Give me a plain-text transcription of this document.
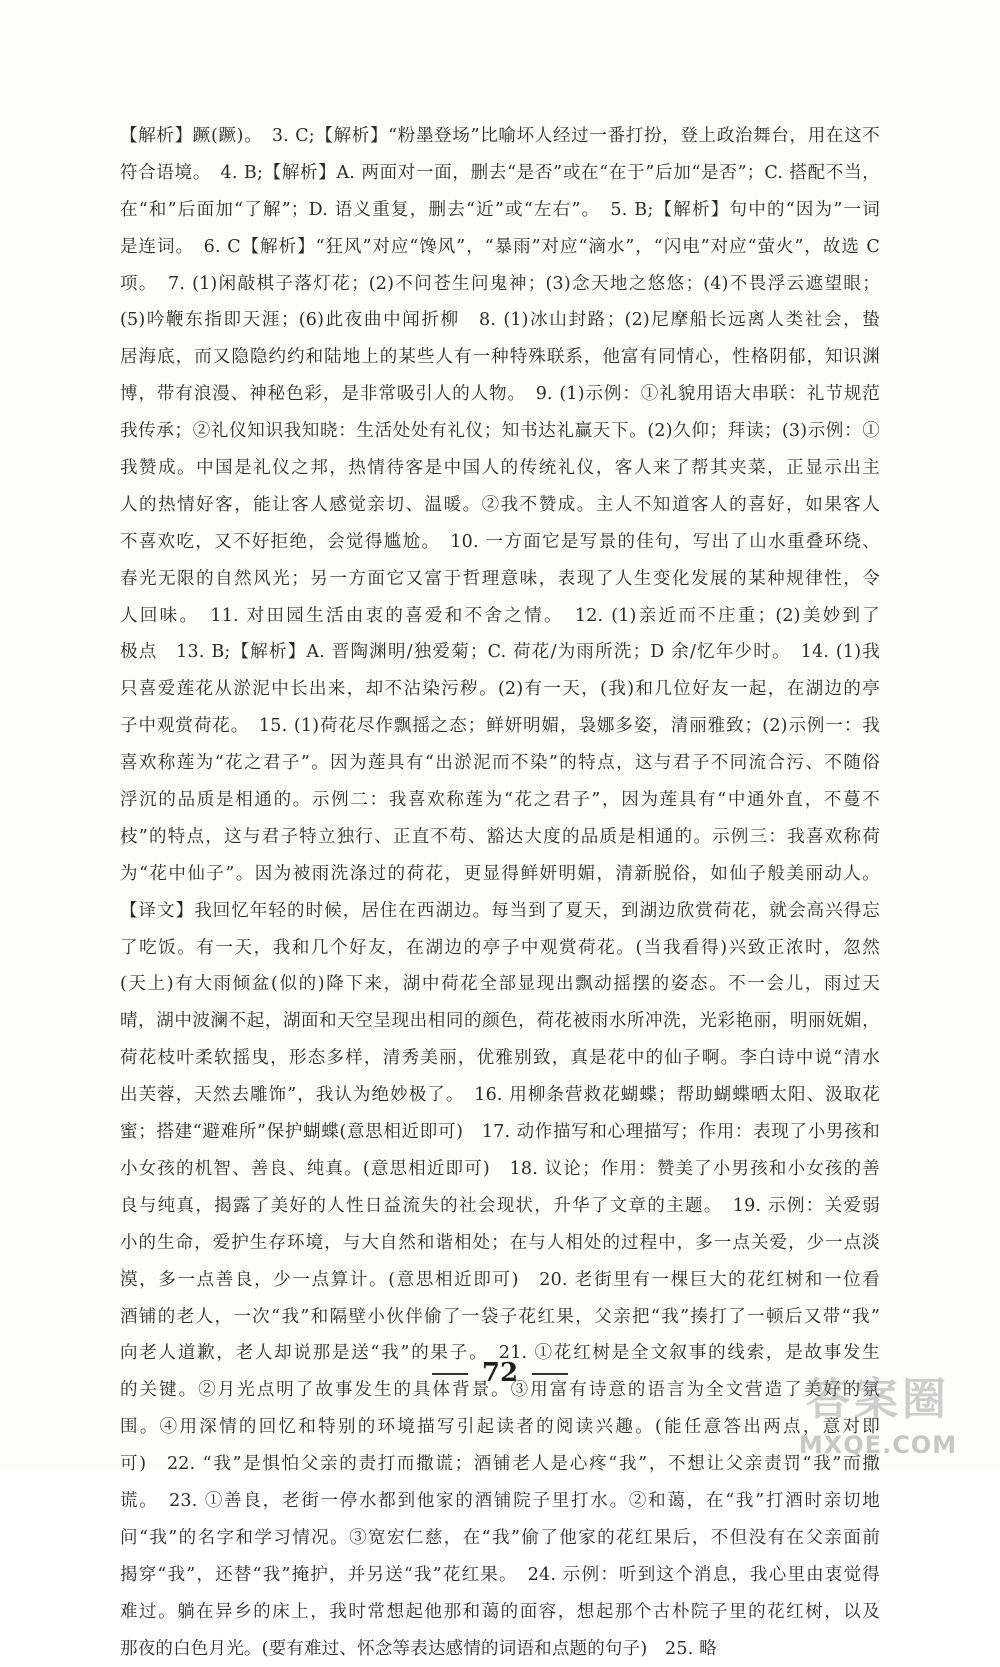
【解析】蹶(蹶)。　3. C;【解析】“粉墨登场”比喻坏人经过一番打扮，登上政治舞台，用在这不
符合语境。　4. B;【解析】A. 两面对一面，删去“是否”或在“在于”后加“是否”；C. 搭配不当，
在“和”后面加“了解”；D. 语义重复，删去“近”或“左右”。　5. B;【解析】句中的“因为”一词
是连词。　6. C【解析】“狂风”对应“馋风”，“暴雨”对应“滴水”，“闪电”对应“萤火”，故选 C
项。　7. (1)闲敲棋子落灯花；(2)不问苍生问鬼神；(3)念天地之悠悠；(4)不畏浮云遮望眼；
(5)吟鞭东指即天涯；(6)此夜曲中闻折柳　8. (1)冰山封路；(2)尼摩船长远离人类社会，蛰
居海底，而又隐隐约约和陆地上的某些人有一种特殊联系，他富有同情心，性格阴郁，知识渊
博，带有浪漫、神秘色彩，是非常吸引人的人物。　9. (1)示例：①礼貌用语大串联：礼节规范
我传承；②礼仪知识我知晓：生活处处有礼仪；知书达礼赢天下。(2)久仰；拜读；(3)示例：①
我赞成。中国是礼仪之邦，热情待客是中国人的传统礼仪，客人来了帮其夹菜，正显示出主
人的热情好客，能让客人感觉亲切、温暖。②我不赞成。主人不知道客人的喜好，如果客人
不喜欢吃，又不好拒绝，会觉得尴尬。　10. 一方面它是写景的佳句，写出了山水重叠环绕、
春光无限的自然风光；另一方面它又富于哲理意味，表现了人生变化发展的某种规律性，令
人回味。　11. 对田园生活由衷的喜爱和不舍之情。　12. (1)亲近而不庄重；(2)美妙到了
极点　13. B;【解析】A. 晋陶渊明/独爱菊；C. 荷花/为雨所洗；D 余/忆年少时。　14. (1)我
只喜爱莲花从淤泥中长出来，却不沾染污秽。(2)有一天，(我)和几位好友一起，在湖边的亭
子中观赏荷花。　15. (1)荷花尽作飘摇之态；鲜妍明媚，袅娜多姿，清丽雅致；(2)示例一：我
喜欢称莲为“花之君子”。因为莲具有“出淤泥而不染”的特点，这与君子不同流合污、不随俗
浮沉的品质是相通的。示例二：我喜欢称莲为“花之君子”，因为莲具有“中通外直，不蔓不
枝”的特点，这与君子特立独行、正直不苟、豁达大度的品质是相通的。示例三：我喜欢称荷
为“花中仙子”。因为被雨洗涤过的荷花，更显得鲜妍明媚，清新脱俗，如仙子般美丽动人。
【译文】我回忆年轻的时候，居住在西湖边。每当到了夏天，到湖边欣赏荷花，就会高兴得忘
了吃饭。有一天，我和几个好友，在湖边的亭子中观赏荷花。(当我看得)兴致正浓时，忽然
(天上)有大雨倾盆(似的)降下来，湖中荷花全部显现出飘动摇摆的姿态。不一会儿，雨过天
晴，湖中波澜不起，湖面和天空呈现出相同的颜色，荷花被雨水所冲洗，光彩艳丽，明丽妩媚，
荷花枝叶柔软摇曳，形态多样，清秀美丽，优雅别致，真是花中的仙子啊。李白诗中说“清水
出芙蓉，天然去雕饰”，我认为绝妙极了。　16. 用柳条营救花蝴蝶；帮助蝴蝶晒太阳、汲取花
蜜；搭建“避难所”保护蝴蝶(意思相近即可)　17. 动作描写和心理描写；作用：表现了小男孩和
小女孩的机智、善良、纯真。(意思相近即可)　18. 议论；作用：赞美了小男孩和小女孩的善
良与纯真，揭露了美好的人性日益流失的社会现状，升华了文章的主题。　19. 示例：关爱弱
小的生命，爱护生存环境，与大自然和谐相处；在与人相处的过程中，多一点关爱，少一点淡
漠，多一点善良，少一点算计。(意思相近即可)　20. 老街里有一棵巨大的花红树和一位看
酒铺的老人，一次“我”和隔壁小伙伴偷了一袋子花红果，父亲把“我”揍打了一顿后又带“我”
向老人道歉，老人却说那是送“我”的果子。　21. ①花红树是全文叙事的线索，是故事发生
的关键。②月光点明了故事发生的具体背景。③用富有诗意的语言为全文营造了美好的氛
围。④用深情的回忆和特别的环境描写引起读者的阅读兴趣。(能任意答出两点，意对即
可)　22. “我”是惧怕父亲的责打而撒谎；酒铺老人是心疼“我”，不想让父亲责罚“我”而撒
谎。　23. ①善良，老街一停水都到他家的酒铺院子里打水。②和蔼，在“我”打酒时亲切地
问“我”的名字和学习情况。③宽宏仁慈，在“我”偷了他家的花红果后，不但没有在父亲面前
揭穿“我”，还替“我”掩护，并另送“我”花红果。　24. 示例：听到这个消息，我心里由衷觉得
难过。躺在异乡的床上，我时常想起他那和蔼的面容，想起那个古朴院子里的花红树，以及
那夜的白色月光。(要有难过、怀念等表达感情的词语和点题的句子)　25. 略
72
答案圈
MXQE.COM
